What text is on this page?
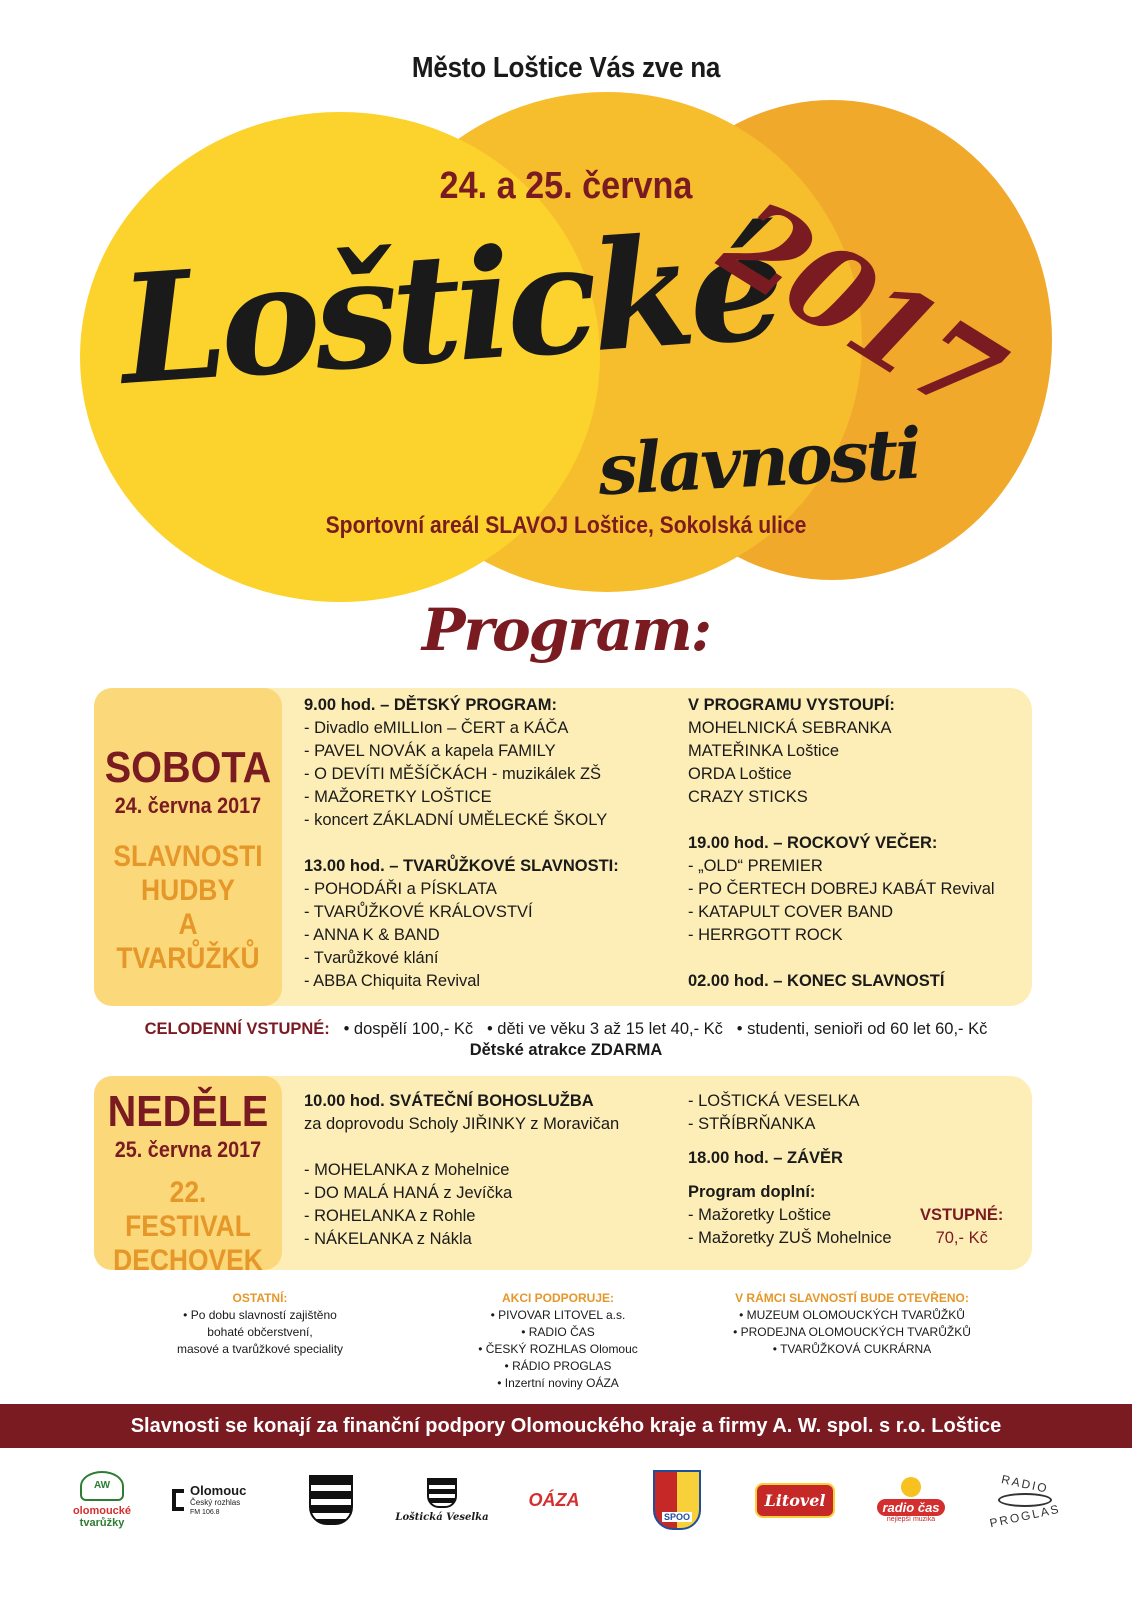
Město Loštice Vás zve na
24. a 25. června
Loštické
slavnosti
2017
Sportovní areál SLAVOJ Loštice, Sokolská ulice
Program:
SOBOTA
24. června 2017
SLAVNOSTI
HUDBY
A TVARŮŽKŮ
9.00 hod. – DĚTSKÝ PROGRAM:
- Divadlo eMILLIon – ČERT a KÁČA
- PAVEL NOVÁK a kapela FAMILY
- O DEVÍTI MĚŠÍČKÁCH - muzikálek ZŠ
- MAŽORETKY LOŠTICE
- koncert ZÁKLADNÍ UMĚLECKÉ ŠKOLY
13.00 hod. – TVARŮŽKOVÉ SLAVNOSTI:
- POHODÁŘI a PÍSKLATA
- TVARŮŽKOVÉ KRÁLOVSTVÍ
- ANNA K & BAND
- Tvarůžkové klání
- ABBA Chiquita Revival
V PROGRAMU VYSTOUPÍ:
MOHELNICKÁ SEBRANKA
MATEŘINKA Loštice
ORDA Loštice
CRAZY STICKS
19.00 hod. – ROCKOVÝ VEČER:
- „OLD“ PREMIER
- PO ČERTECH DOBREJ KABÁT Revival
- KATAPULT COVER BAND
- HERRGOTT ROCK
02.00 hod. – KONEC SLAVNOSTÍ
CELODENNÍ VSTUPNÉ: • dospělí 100,- Kč • děti ve věku 3 až 15 let 40,- Kč • studenti, senioři od 60 let 60,- Kč
Dětské atrakce ZDARMA
NEDĚLE
25. června 2017
22. FESTIVAL
DECHOVEK
10.00 hod. SVÁTEČNÍ BOHOSLUŽBA
za doprovodu Scholy JIŘINKY z Moravičan
- MOHELANKA z Mohelnice
- DO MALÁ HANÁ z Jevíčka
- ROHELANKA z Rohle
- NÁKELANKA z Nákla
- LOŠTICKÁ VESELKA
- STŘÍBRŇANKA
18.00 hod. – ZÁVĚR
Program doplní:
- Mažoretky Loštice
- Mažoretky ZUŠ Mohelnice
VSTUPNÉ:
70,- Kč
OSTATNÍ:
• Po dobu slavností zajištěno
bohaté občerstvení,
masové a tvarůžkové speciality
AKCI PODPORUJE:
• PIVOVAR LITOVEL a.s.
• RADIO ČAS
• ČESKÝ ROZHLAS Olomouc
• RÁDIO PROGLAS
• Inzertní noviny OÁZA
V RÁMCI SLAVNOSTÍ BUDE OTEVŘENO:
• MUZEUM OLOMOUCKÝCH TVARŮŽKŮ
• PRODEJNA OLOMOUCKÝCH TVARŮŽKŮ
• TVARŮŽKOVÁ CUKRÁRNA
Slavnosti se konají za finanční podpory Olomouckého kraje a firmy A. W. spol. s r.o. Loštice
AW
olomoucké
tvarůžky
Olomouc
Český rozhlas
FM 106.8	Loštická Veselka
OÁZA
SPOO
Litovel	radio čas
nejlepší muzika
RADIO
PROGLAS
